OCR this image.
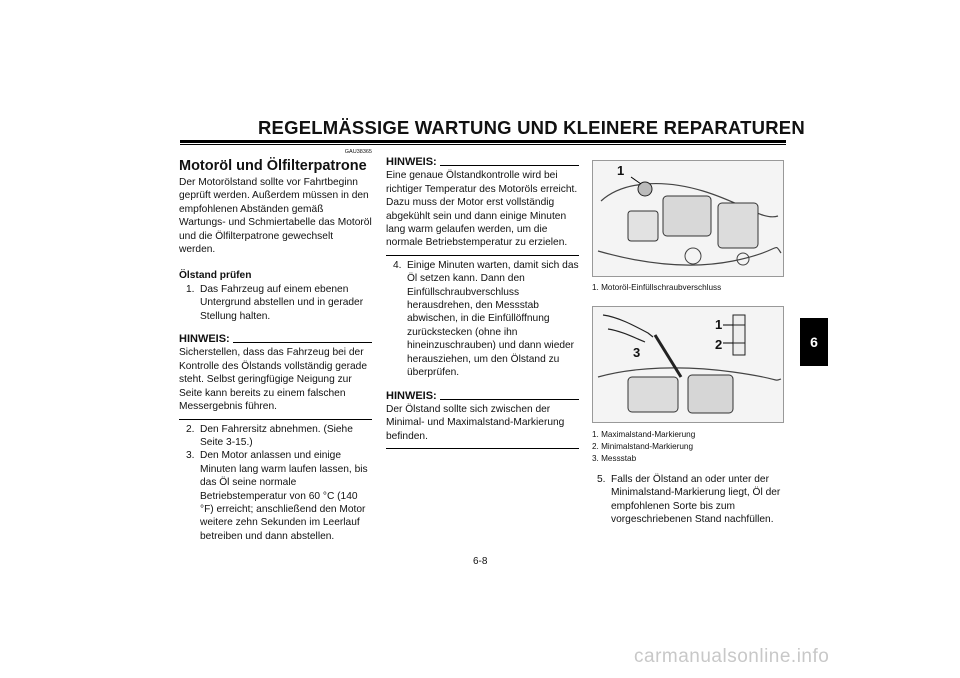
REGELMÄSSIGE WARTUNG UND KLEINERE REPARATUREN
6

GAU38365

Motoröl und Ölfilterpatrone

Der Motorölstand sollte vor Fahrtbeginn geprüft werden. Außerdem müssen in den empfohlenen Abständen gemäß Wartungs- und Schmiertabelle das Motoröl und die Ölfilterpatrone gewechselt werden.

Ölstand prüfen

1. Das Fahrzeug auf einem ebenen Untergrund abstellen und in gerader Stellung halten.
HINWEIS:

Sicherstellen, dass das Fahrzeug bei der Kontrolle des Ölstands vollständig gerade steht. Selbst geringfügige Neigung zur Seite kann bereits zu einem falschen Messergebnis führen.

2. Den Fahrersitz abnehmen. (Siehe Seite 3-15.)
3. Den Motor anlassen und einige Minuten lang warm laufen lassen, bis das Öl seine normale Betriebstemperatur von 60 °C (140 °F) erreicht; anschließend den Motor weitere zehn Sekunden im Leerlauf betreiben und dann abstellen.
HINWEIS:

Eine genaue Ölstandkontrolle wird bei richtiger Temperatur des Motoröls erreicht. Dazu muss der Motor erst vollständig abgekühlt sein und dann einige Minuten lang warm gelaufen werden, um die normale Betriebstemperatur zu erzielen.

4. Einige Minuten warten, damit sich das Öl setzen kann. Dann den Einfüllschraubverschluss herausdrehen, den Messstab abwischen, in die Einfüllöffnung zurückstecken (ohne ihn hineinzuschrauben) und dann wieder herausziehen, um den Ölstand zu überprüfen.
HINWEIS:

Der Ölstand sollte sich zwischen der Minimal- und Maximalstand-Markierung befinden.

1
1. Motoröl-Einfüllschraubverschluss
1
2
3
1. Maximalstand-Markierung
2. Minimalstand-Markierung
3. Messstab
5. Falls der Ölstand an oder unter der Minimalstand-Markierung liegt, Öl der empfohlenen Sorte bis zum vorgeschriebenen Stand nachfüllen.
6-8
carmanualsonline.info
